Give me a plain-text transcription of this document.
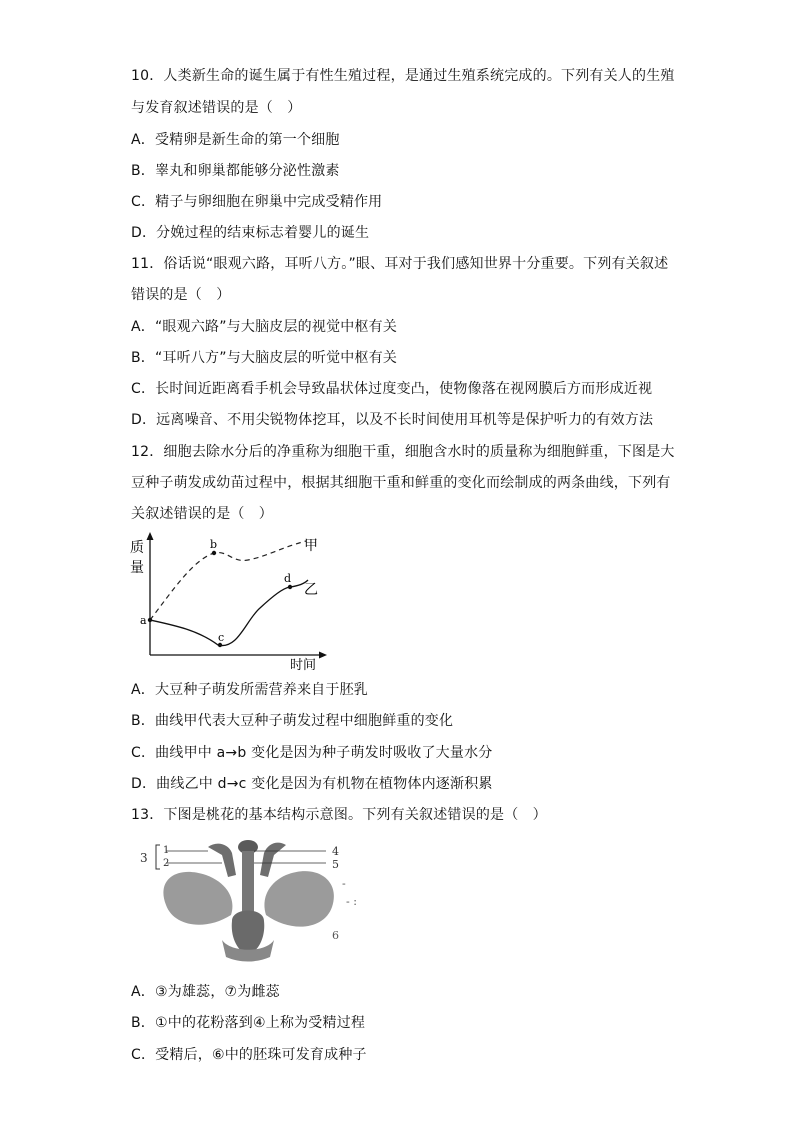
10．人类新生命的诞生属于有性生殖过程，是通过生殖系统完成的。下列有关人的生殖
与发育叙述错误的是（　）
A．受精卵是新生命的第一个细胞
B．睾丸和卵巢都能够分泌性激素
C．精子与卵细胞在卵巢中完成受精作用
D．分娩过程的结束标志着婴儿的诞生
11．俗话说“眼观六路，耳听八方。”眼、耳对于我们感知世界十分重要。下列有关叙述
错误的是（　）
A．“眼观六路”与大脑皮层的视觉中枢有关
B．“耳听八方”与大脑皮层的听觉中枢有关
C．长时间近距离看手机会导致晶状体过度变凸，使物像落在视网膜后方而形成近视
D．远离噪音、不用尖锐物体挖耳，以及不长时间使用耳机等是保护听力的有效方法
12．细胞去除水分后的净重称为细胞干重，细胞含水时的质量称为细胞鲜重，下图是大
豆种子萌发成幼苗过程中，根据其细胞干重和鲜重的变化而绘制成的两条曲线，下列有
关叙述错误的是（　）
质
量
时间
甲
乙
a
b
c
d
A．大豆种子萌发所需营养来自于胚乳
B．曲线甲代表大豆种子萌发过程中细胞鲜重的变化
C．曲线甲中 a→b 变化是因为种子萌发时吸收了大量水分
D．曲线乙中 d→c 变化是因为有机物在植物体内逐渐积累
13．下图是桃花的基本结构示意图。下列有关叙述错误的是（　）
3
1
2
4
5
6
-
- :
A．③为雄蕊，⑦为雌蕊
B．①中的花粉落到④上称为受精过程
C．受精后，⑥中的胚珠可发育成种子
